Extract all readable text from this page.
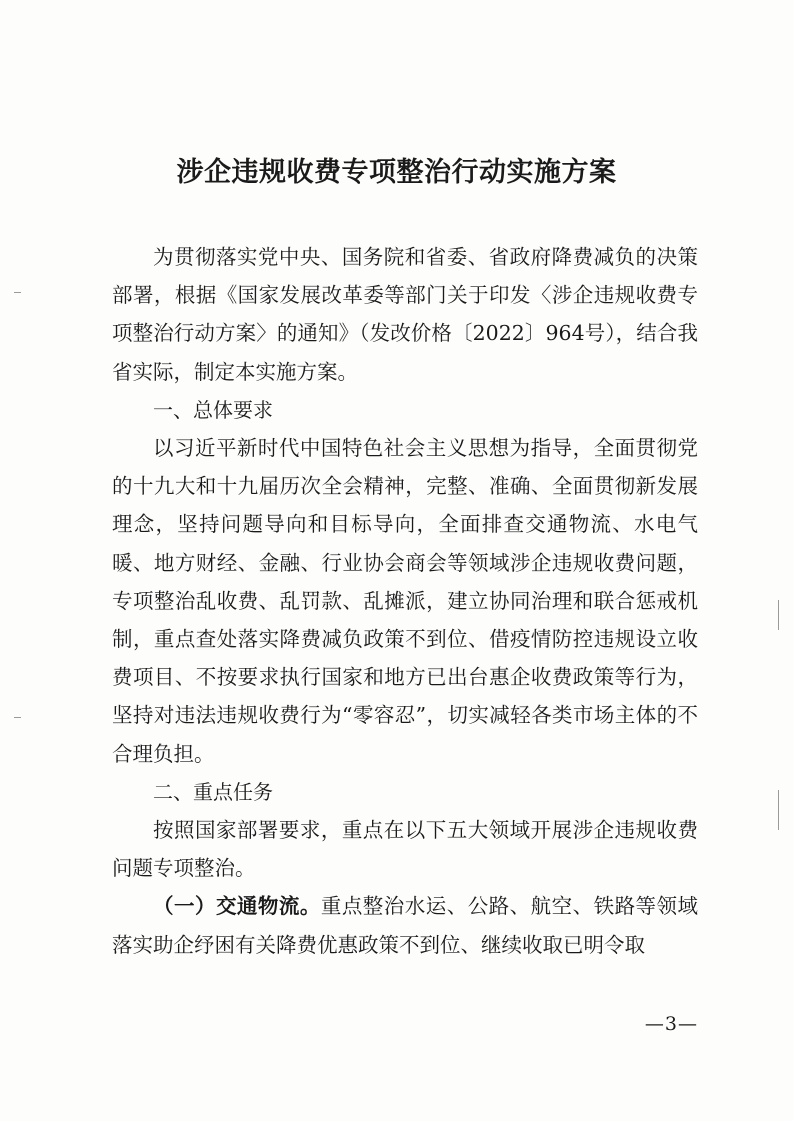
涉企违规收费专项整治行动实施方案

为贯彻落实党中央、国务院和省委、省政府降费减负的决策部署，根据《国家发展改革委等部门关于印发〈涉企违规收费专项整治行动方案〉的通知》（发改价格〔2022〕964号），结合我省实际，制定本实施方案。

一、总体要求

以习近平新时代中国特色社会主义思想为指导，全面贯彻党的十九大和十九届历次全会精神，完整、准确、全面贯彻新发展理念，坚持问题导向和目标导向，全面排查交通物流、水电气暖、地方财经、金融、行业协会商会等领域涉企违规收费问题，专项整治乱收费、乱罚款、乱摊派，建立协同治理和联合惩戒机制，重点查处落实降费减负政策不到位、借疫情防控违规设立收费项目、不按要求执行国家和地方已出台惠企收费政策等行为，坚持对违法违规收费行为“零容忍”，切实减轻各类市场主体的不合理负担。

二、重点任务

按照国家部署要求，重点在以下五大领域开展涉企违规收费问题专项整治。

（一）交通物流。重点整治水运、公路、航空、铁路等领域落实助企纾困有关降费优惠政策不到位、继续收取已明令取

—3—
